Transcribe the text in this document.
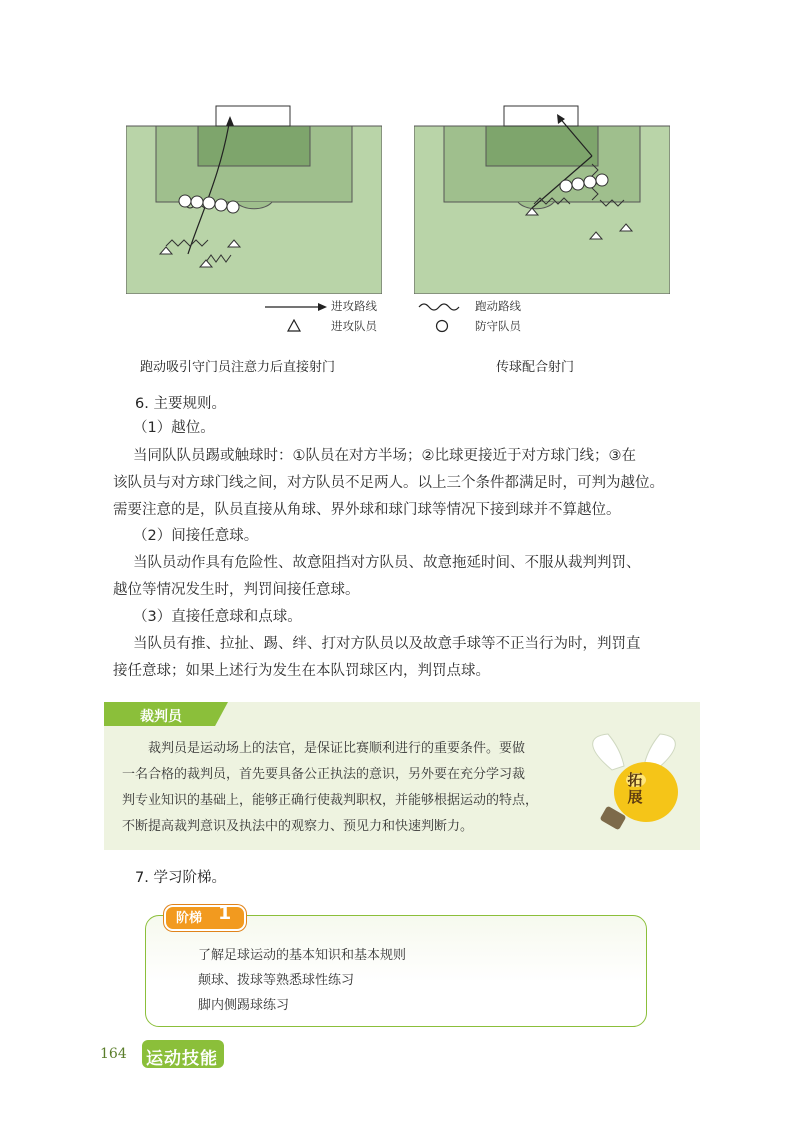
进攻路线	跑动路线
进攻队员	防守队员
跑动吸引守门员注意力后直接射门	传球配合射门
6. 主要规则。
（1）越位。
当同队队员踢或触球时：①队员在对方半场；②比球更接近于对方球门线；③在
该队员与对方球门线之间，对方队员不足两人。以上三个条件都满足时，可判为越位。
需要注意的是，队员直接从角球、界外球和球门球等情况下接到球并不算越位。
（2）间接任意球。
当队员动作具有危险性、故意阻挡对方队员、故意拖延时间、不服从裁判判罚、
越位等情况发生时，判罚间接任意球。
（3）直接任意球和点球。
当队员有推、拉扯、踢、绊、打对方队员以及故意手球等不正当行为时，判罚直
接任意球；如果上述行为发生在本队罚球区内，判罚点球。
裁判员
裁判员是运动场上的法官，是保证比赛顺利进行的重要条件。要做
一名合格的裁判员，首先要具备公正执法的意识，另外要在充分学习裁
判专业知识的基础上，能够正确行使裁判职权，并能够根据运动的特点，
不断提高裁判意识及执法中的观察力、预见力和快速判断力。
拓展
7. 学习阶梯。
阶梯 1
了解足球运动的基本知识和基本规则
颠球、拨球等熟悉球性练习
脚内侧踢球练习
164 运动技能
